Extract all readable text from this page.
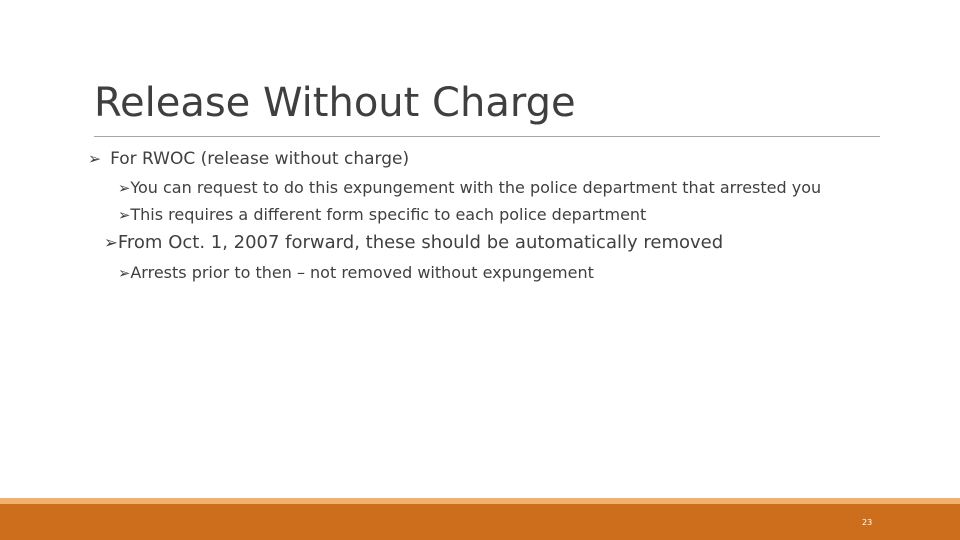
Release Without Charge
➢ For RWOC (release without charge)
➢You can request to do this expungement with the police department that arrested you
➢This requires a different form specific to each police department
➢From Oct. 1, 2007 forward, these should be automatically removed
➢Arrests prior to then – not removed without expungement
23
